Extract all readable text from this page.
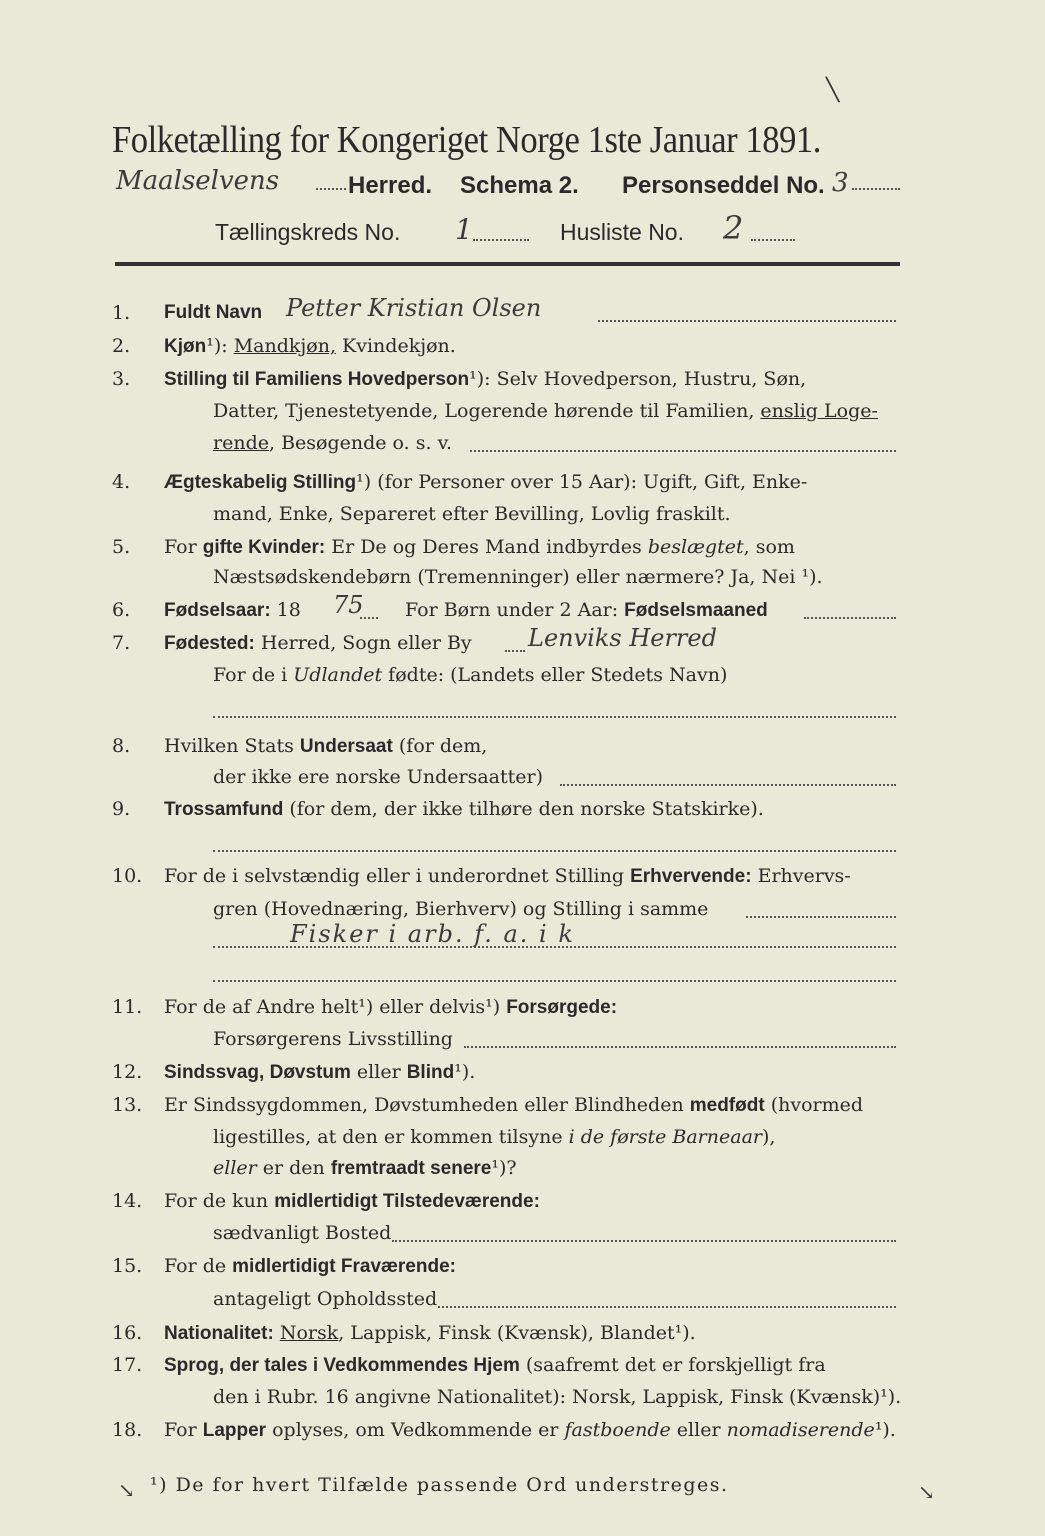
Folketælling for Kongeriget Norge 1ste Januar 1891.
Maalselvens	Herred. Schema 2. Personseddel No. 3
Tællingskreds No. 1	Husliste No. 2
1.	Fuldt Navn Petter Kristian Olsen
2.	Kjøn¹): Mandkjøn, Kvindekjøn.
3.	Stilling til Familiens Hovedperson¹): Selv Hovedperson, Hustru, Søn,
Datter, Tjenestetyende, Logerende hørende til Familien, enslig Loge-
rende, Besøgende o. s. v.
4.	Ægteskabelig Stilling¹) (for Personer over 15 Aar): Ugift, Gift, Enke-
mand, Enke, Separeret efter Bevilling, Lovlig fraskilt.
5.	For gifte Kvinder: Er De og Deres Mand indbyrdes beslægtet, som
Næstsødskendebørn (Tremenninger) eller nærmere? Ja, Nei ¹).
6.	Fødselsaar: 18 75 For Børn under 2 Aar: Fødselsmaaned
7.	Fødested: Herred, Sogn eller By Lenviks Herred
For de i Udlandet fødte: (Landets eller Stedets Navn)
8.	Hvilken Stats Undersaat (for dem,
der ikke ere norske Undersaatter)
9.	Trossamfund (for dem, der ikke tilhøre den norske Statskirke).
10.	For de i selvstændig eller i underordnet Stilling Erhvervende: Erhvervs-
gren (Hovednæring, Bierhverv) og Stilling i samme
Fisker i arb. f. a. i k
11.	For de af Andre helt¹) eller delvis¹) Forsørgede:
Forsørgerens Livsstilling
12.	Sindssvag, Døvstum eller Blind¹).
13.	Er Sindssygdommen, Døvstumheden eller Blindheden medfødt (hvormed
ligestilles, at den er kommen tilsyne i de første Barneaar),
eller er den fremtraadt senere¹)?
14.	For de kun midlertidigt Tilstedeværende:
sædvanligt Bosted
15.	For de midlertidigt Fraværende:
antageligt Opholdssted
16.	Nationalitet: Norsk, Lappisk, Finsk (Kvænsk), Blandet¹).
17.	Sprog, der tales i Vedkommendes Hjem (saafremt det er forskjelligt fra
den i Rubr. 16 angivne Nationalitet): Norsk, Lappisk, Finsk (Kvænsk)¹).
18.	For Lapper oplyses, om Vedkommende er fastboende eller nomadiserende¹).
¹) De for hvert Tilfælde passende Ord understreges.
↘	↘
╲
